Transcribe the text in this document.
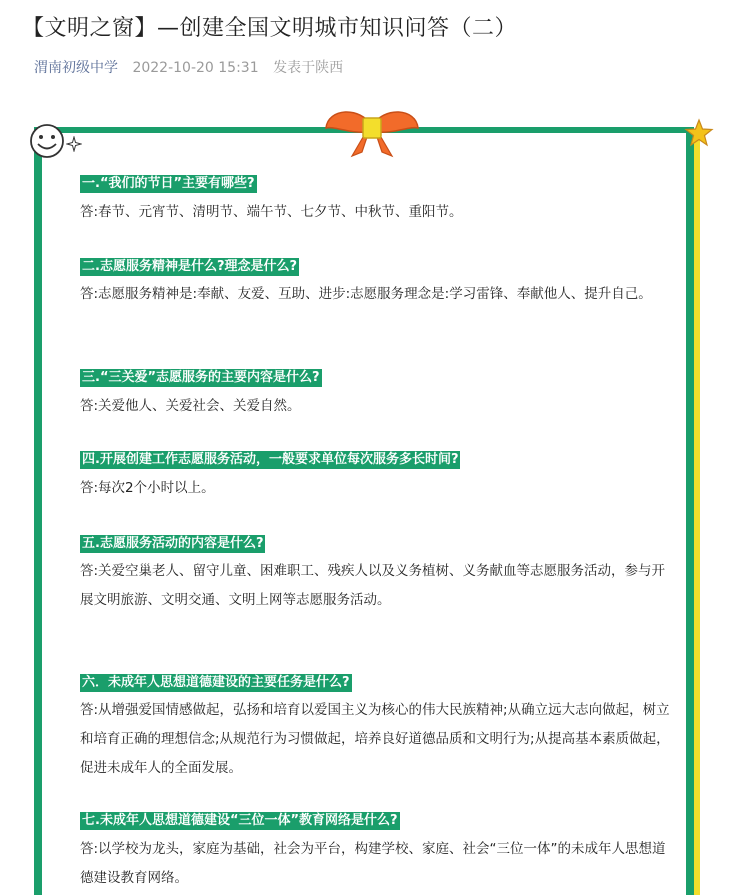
【文明之窗】—创建全国文明城市知识问答（二）
渭南初级中学 2022-10-20 15:31 发表于陕西
一.“我们的节日”主要有哪些?
答:春节、元宵节、清明节、端午节、七夕节、中秋节、重阳节。
二.志愿服务精神是什么?理念是什么?
答:志愿服务精神是:奉献、友爱、互助、进步:志愿服务理念是:学习雷锋、奉献他人、提升自己。
三.“三关爱”志愿服务的主要内容是什么?
答:关爱他人、关爱社会、关爱自然。
四.开展创建工作志愿服务活动，一般要求单位每次服务多长时间?
答:每次2个小时以上。
五.志愿服务活动的内容是什么?
答:关爱空巢老人、留守儿童、困难职工、残疾人以及义务植树、义务献血等志愿服务活动，参与开展文明旅游、文明交通、文明上网等志愿服务活动。
六．未成年人思想道德建设的主要任务是什么?
答:从增强爱国情感做起，弘扬和培育以爱国主义为核心的伟大民族精神;从确立远大志向做起，树立和培育正确的理想信念;从规范行为习惯做起，培养良好道德品质和文明行为;从提高基本素质做起，促进未成年人的全面发展。
七.未成年人思想道德建设“三位一体”教育网络是什么?
答:以学校为龙头，家庭为基础，社会为平台，构建学校、家庭、社会“三位一体”的未成年人思想道德建设教育网络。
